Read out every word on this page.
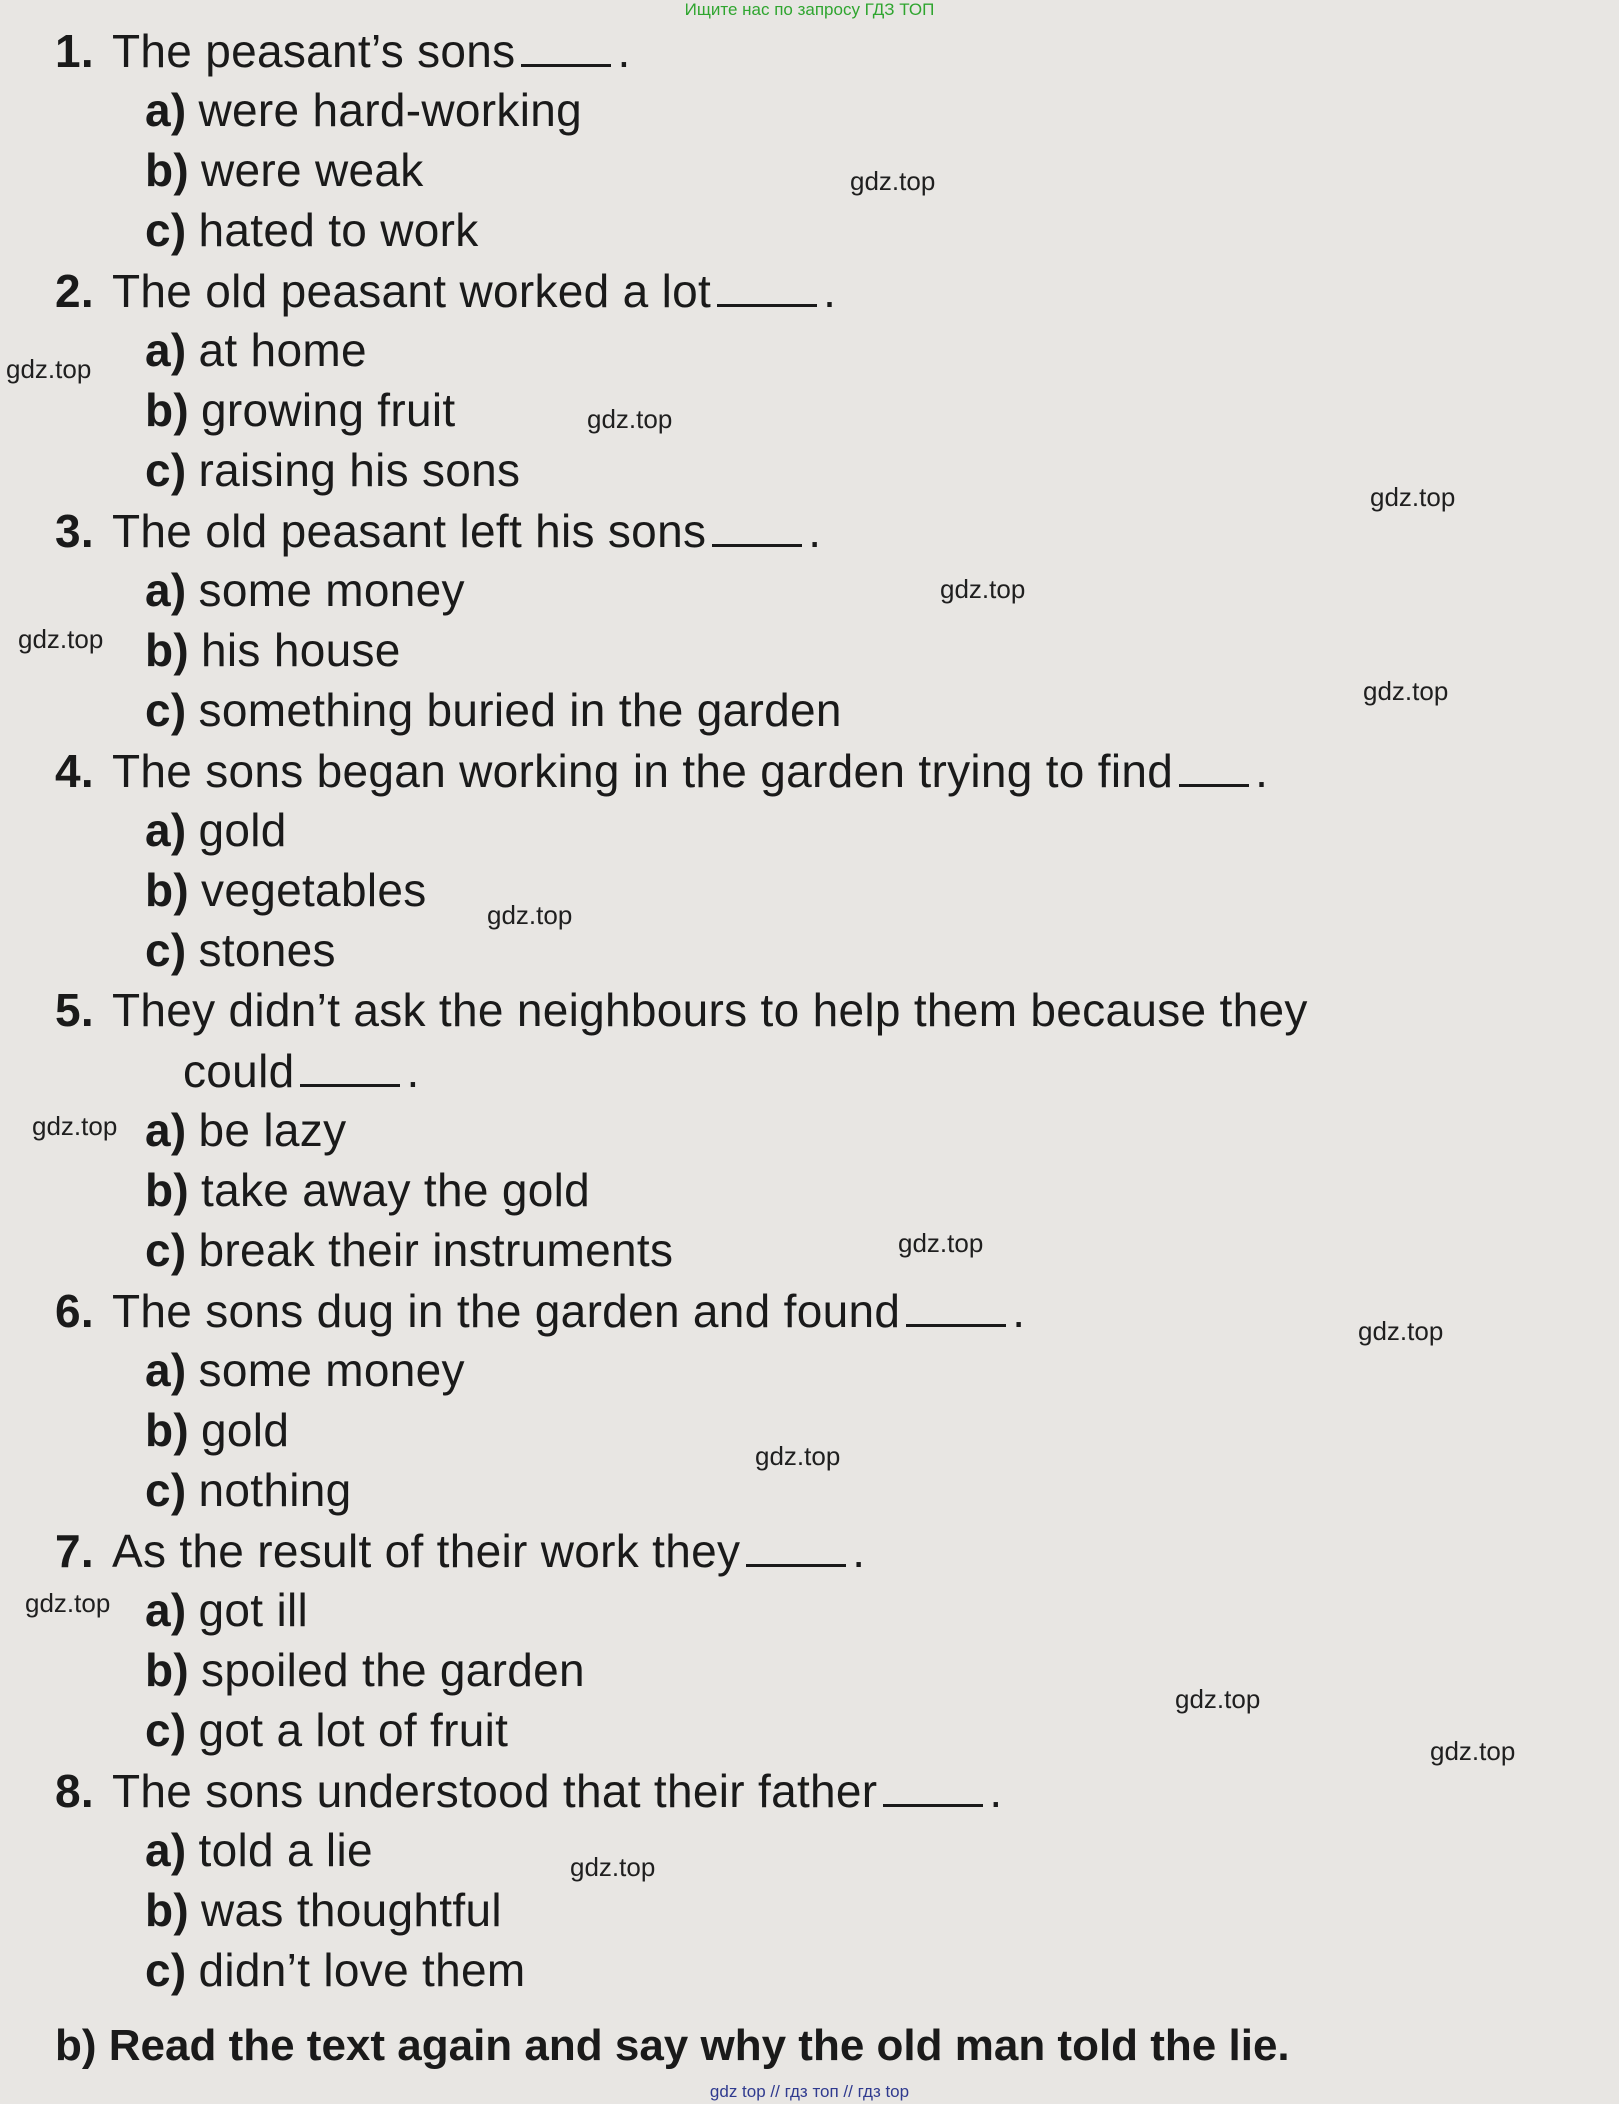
Ищите нас по запросу ГДЗ ТОП
1. The peasant’s sons .
a) were hard-working
b) were weak
c) hated to work
2. The old peasant worked a lot .
a) at home
b) growing fruit
c) raising his sons
3. The old peasant left his sons .
a) some money
b) his house
c) something buried in the garden
4. The sons began working in the garden trying to find .
a) gold
b) vegetables
c) stones
5. They didn’t ask the neighbours to help them because they
could .
a) be lazy
b) take away the gold
c) break their instruments
6. The sons dug in the garden and found .
a) some money
b) gold
c) nothing
7. As the result of their work they .
a) got ill
b) spoiled the garden
c) got a lot of fruit
8. The sons understood that their father .
a) told a lie
b) was thoughtful
c) didn’t love them
b) Read the text again and say why the old man told the lie.
gdz.top
gdz.top
gdz.top
gdz.top
gdz.top
gdz.top
gdz.top
gdz.top
gdz.top
gdz.top
gdz.top
gdz.top
gdz.top
gdz.top
gdz.top
gdz.top
gdz top // гдз топ // гдз top
